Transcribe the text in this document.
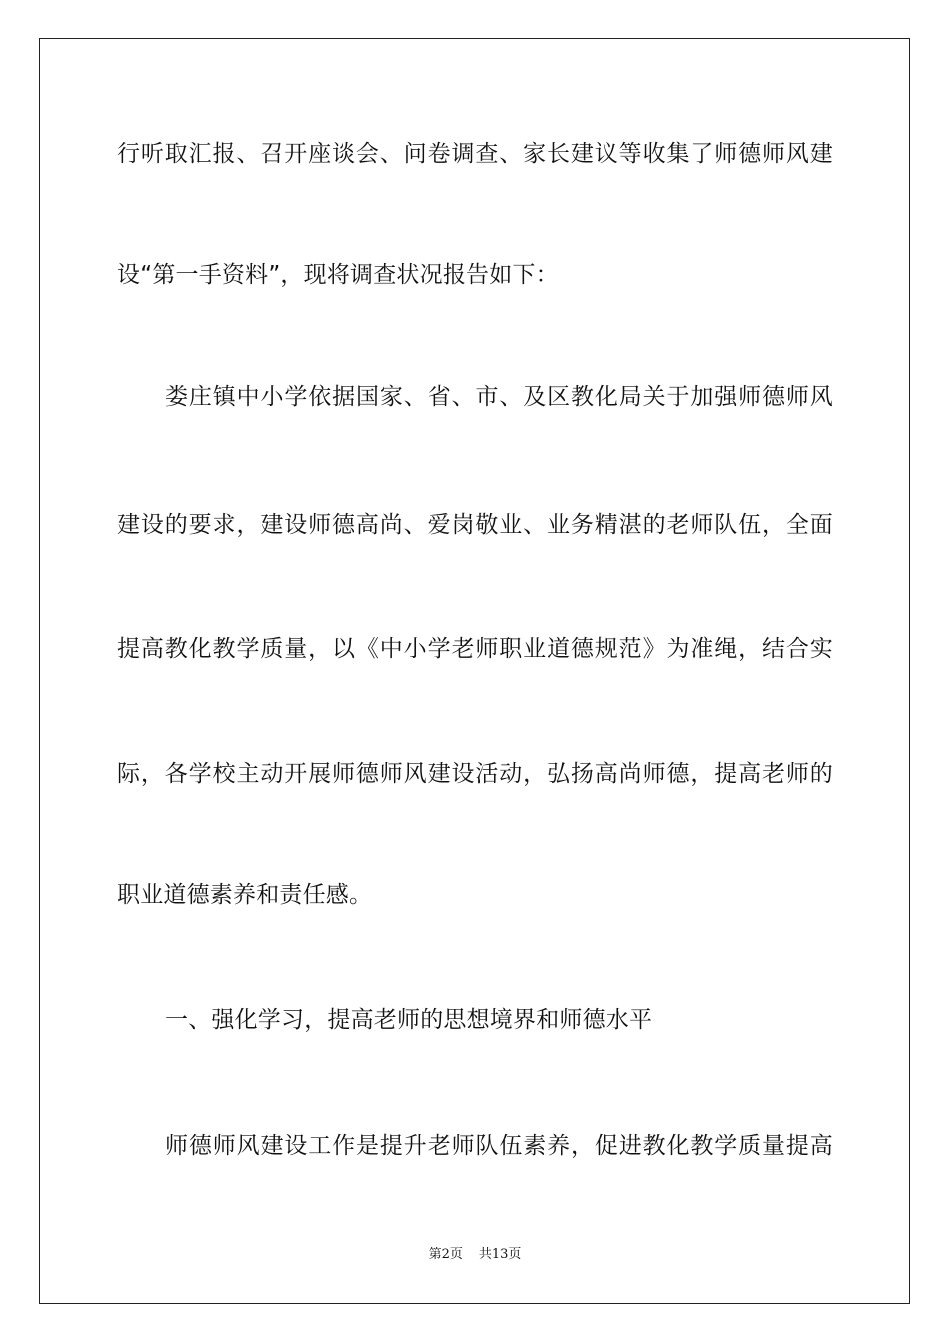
行听取汇报、召开座谈会、问卷调查、家长建议等收集了师德师风建
设“第一手资料”，现将调查状况报告如下：
娄庄镇中小学依据国家、省、市、及区教化局关于加强师德师风
建设的要求，建设师德高尚、爱岗敬业、业务精湛的老师队伍，全面
提高教化教学质量，以《中小学老师职业道德规范》为准绳，结合实
际，各学校主动开展师德师风建设活动，弘扬高尚师德，提高老师的
职业道德素养和责任感。
一、强化学习，提高老师的思想境界和师德水平
师德师风建设工作是提升老师队伍素养，促进教化教学质量提高
第2页 共13页
